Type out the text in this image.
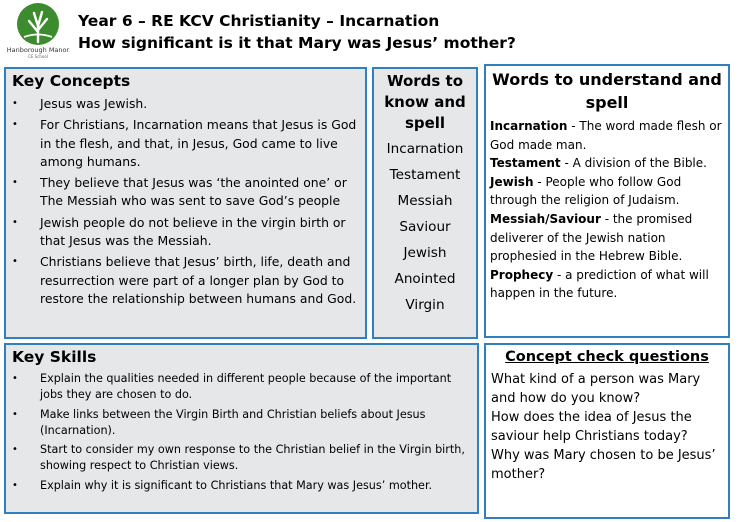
Hanborough Manor
CE School
Year 6 – RE KCV Christianity – Incarnation
How significant is it that Mary was Jesus’ mother?
Key Concepts
• Jesus was Jewish.
• For Christians, Incarnation means that Jesus is God in the flesh, and that, in Jesus, God came to live among humans.
• They believe that Jesus was ‘the anointed one’ or The Messiah who was sent to save God’s people
• Jewish people do not believe in the virgin birth or that Jesus was the Messiah.
• Christians believe that Jesus’ birth, life, death and resurrection were part of a longer plan by God to restore the relationship between humans and God.
Words to know and spell
Incarnation
Testament
Messiah
Saviour
Jewish
Anointed
Virgin
Words to understand and spell
Incarnation - The word made flesh or God made man.
Testament - A division of the Bible.
Jewish - People who follow God through the religion of Judaism.
Messiah/Saviour - the promised deliverer of the Jewish nation prophesied in the Hebrew Bible.
Prophecy - a prediction of what will happen in the future.
Key Skills
• Explain the qualities needed in different people because of the important jobs they are chosen to do.
• Make links between the Virgin Birth and Christian beliefs about Jesus (Incarnation).
• Start to consider my own response to the Christian belief in the Virgin birth, showing respect to Christian views.
• Explain why it is significant to Christians that Mary was Jesus’ mother.
Concept check questions
What kind of a person was Mary and how do you know?
How does the idea of Jesus the saviour help Christians today?
Why was Mary chosen to be Jesus’ mother?
